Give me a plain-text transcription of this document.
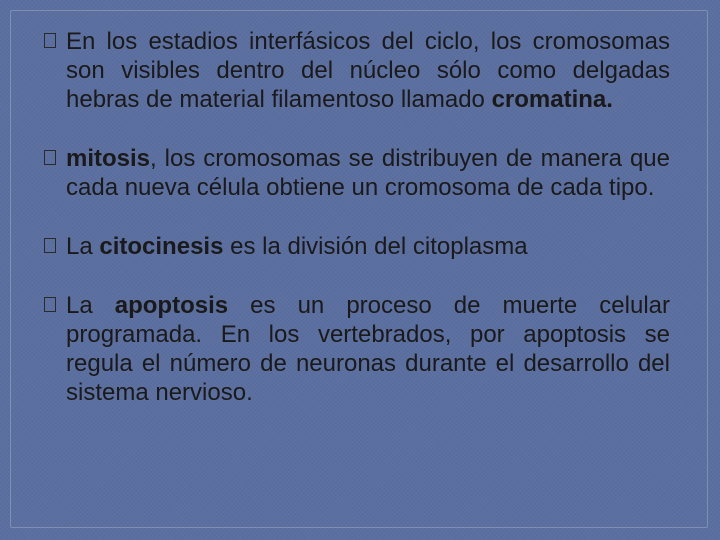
En los estadios interfásicos del ciclo, los cromosomas son visibles dentro del núcleo sólo como delgadas hebras de material filamentoso llamado cromatina.

mitosis, los cromosomas se distribuyen de manera que cada nueva célula obtiene un cromosoma de cada tipo.

La citocinesis es la división del citoplasma

La apoptosis es un proceso de muerte celular programada. En los vertebrados, por apoptosis se regula el número de neuronas durante el desarrollo del sistema nervioso.
